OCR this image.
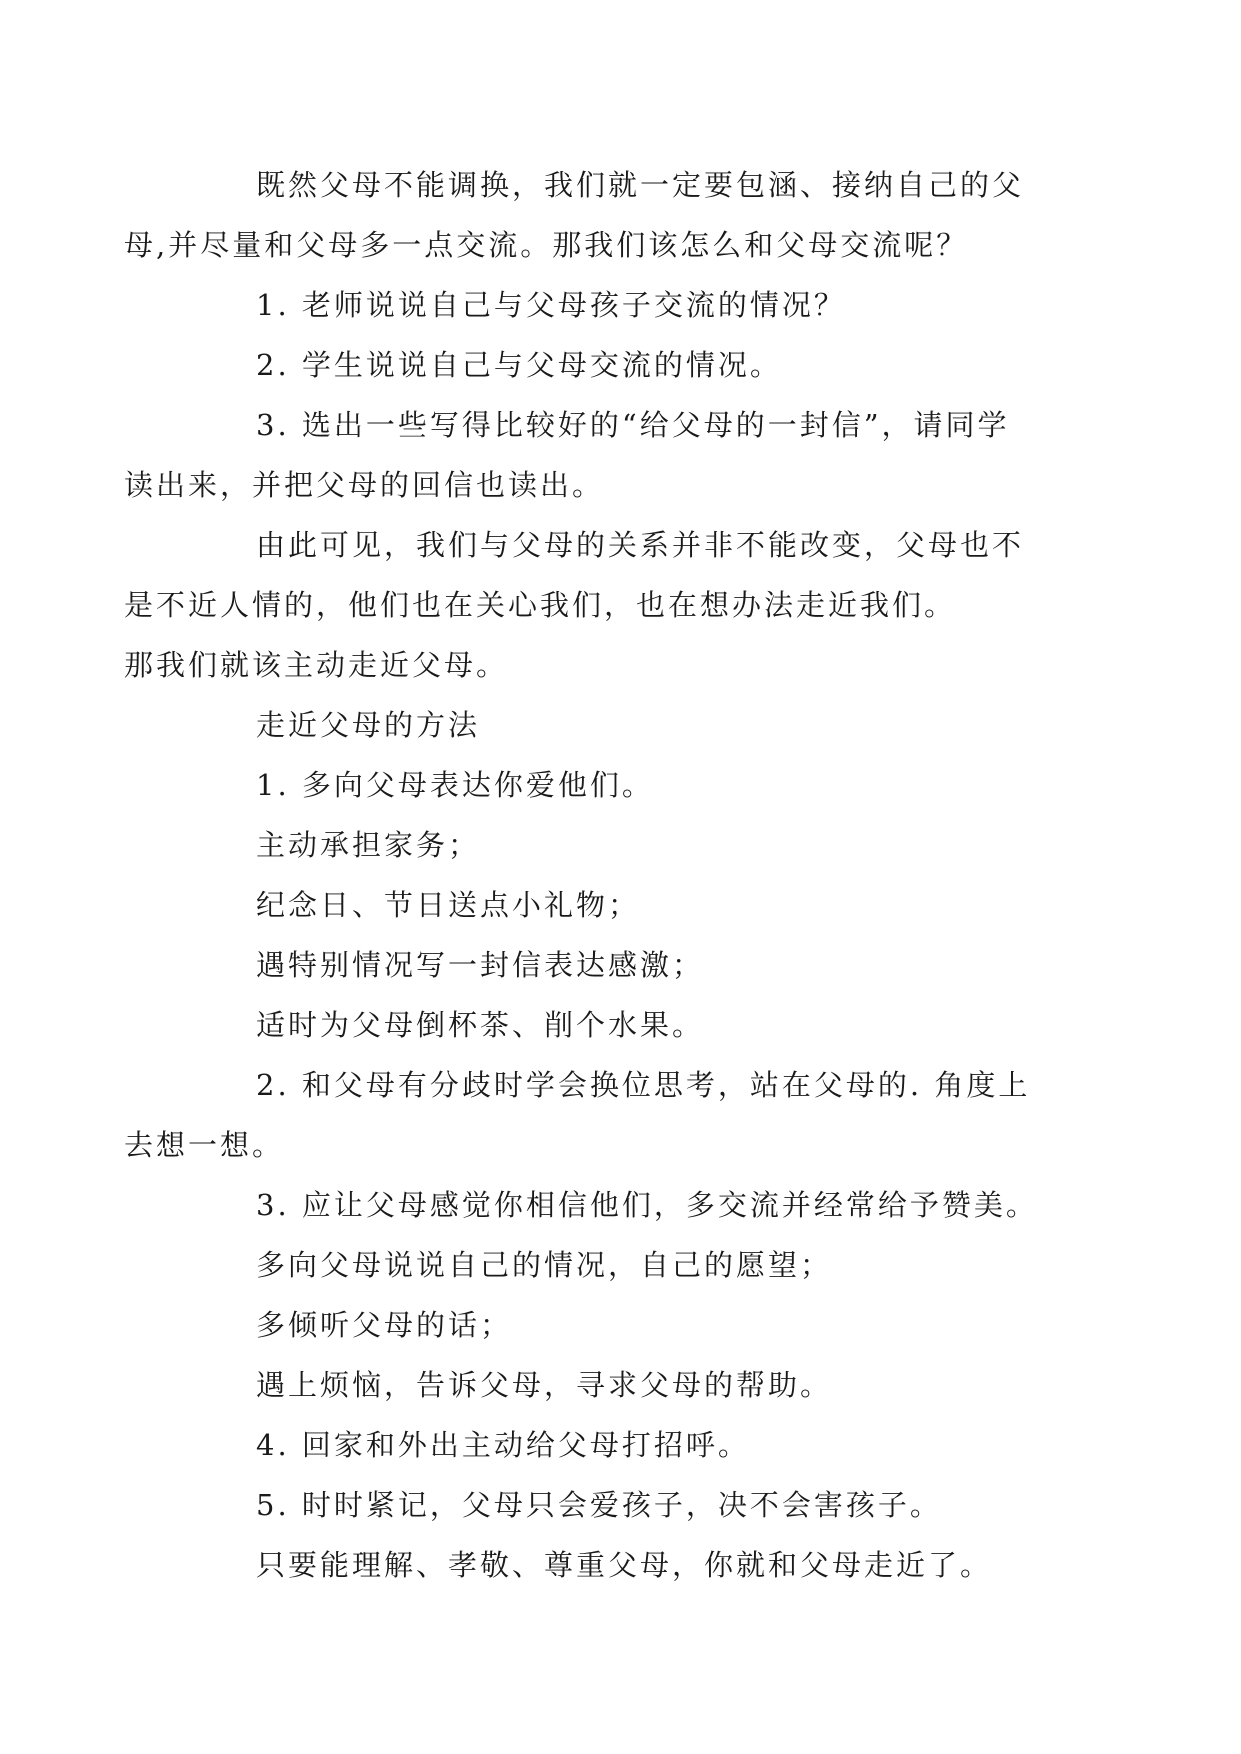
既然父母不能调换，我们就一定要包涵、接纳自己的父
母,并尽量和父母多一点交流。那我们该怎么和父母交流呢？

1. 老师说说自己与父母孩子交流的情况？

2. 学生说说自己与父母交流的情况。

3. 选出一些写得比较好的“给父母的一封信”，请同学
读出来，并把父母的回信也读出。

由此可见，我们与父母的关系并非不能改变，父母也不
是不近人情的，他们也在关心我们，也在想办法走近我们。
那我们就该主动走近父母。

走近父母的方法

1. 多向父母表达你爱他们。

主动承担家务；

纪念日、节日送点小礼物；

遇特别情况写一封信表达感激；

适时为父母倒杯茶、削个水果。

2. 和父母有分歧时学会换位思考，站在父母的. 角度上
去想一想。

3. 应让父母感觉你相信他们，多交流并经常给予赞美。

多向父母说说自己的情况，自己的愿望；

多倾听父母的话；

遇上烦恼，告诉父母，寻求父母的帮助。

4. 回家和外出主动给父母打招呼。

5. 时时紧记，父母只会爱孩子，决不会害孩子。

只要能理解、孝敬、尊重父母，你就和父母走近了。
